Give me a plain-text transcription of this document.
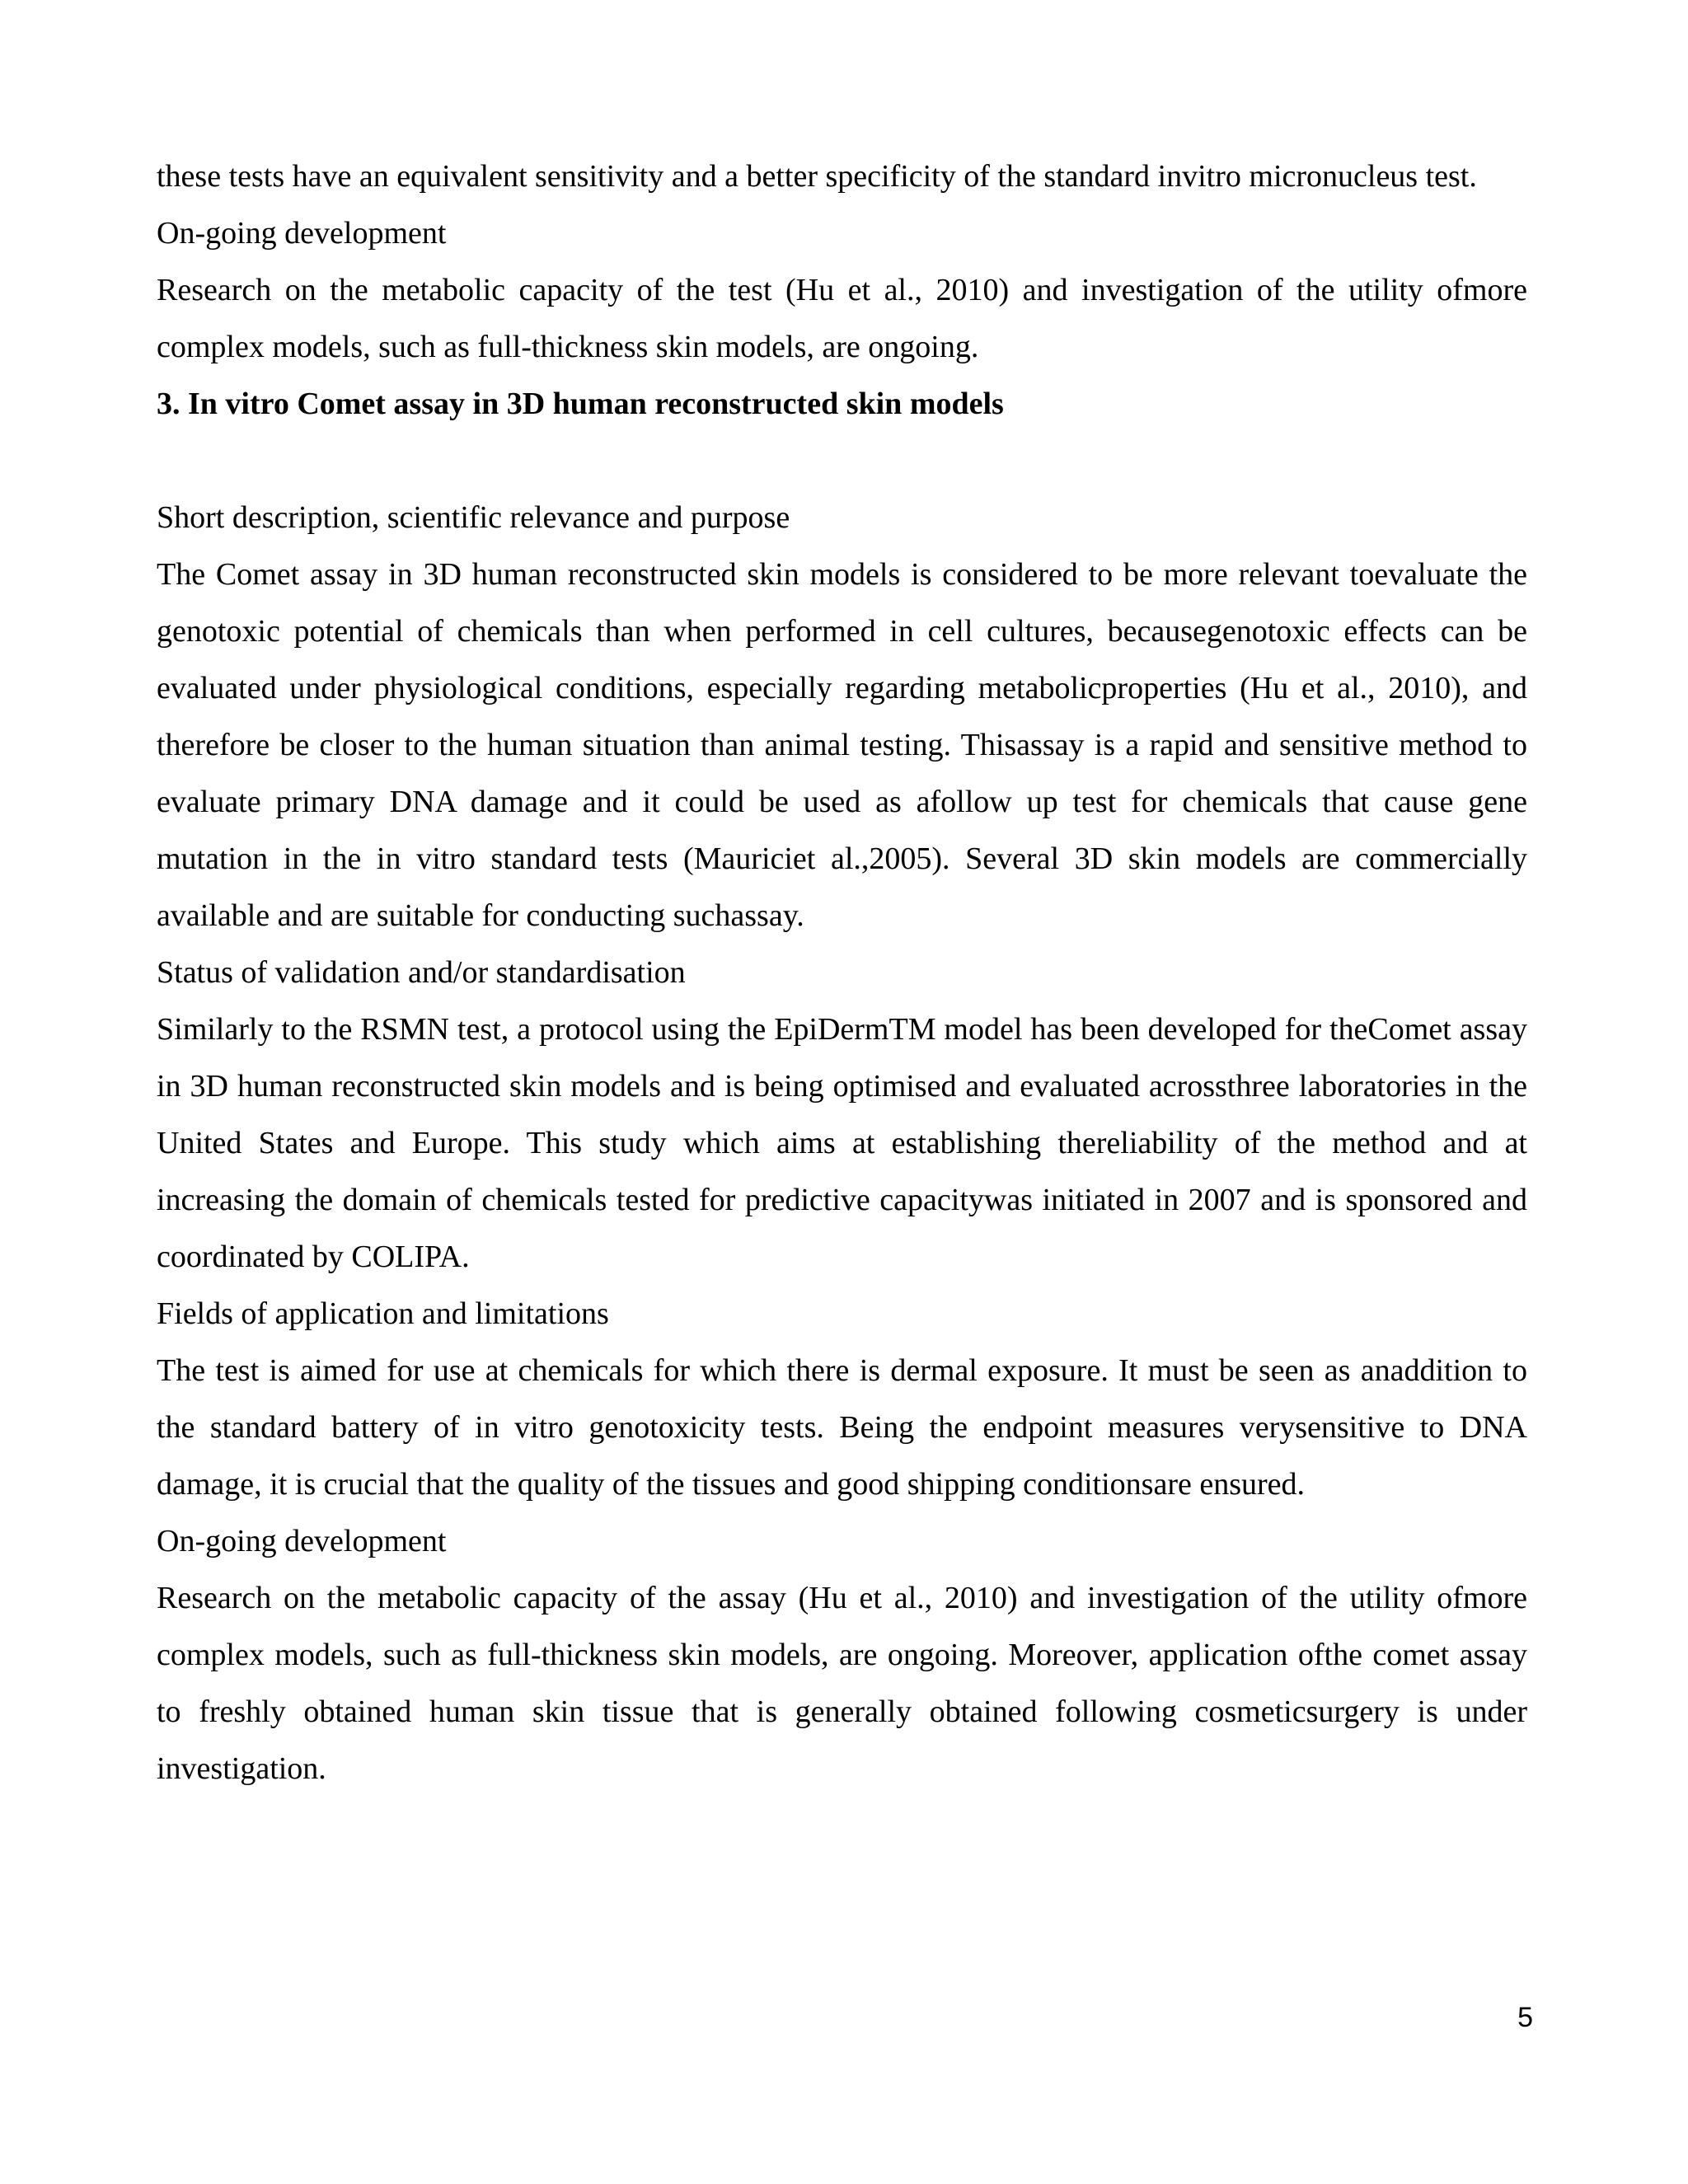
these tests have an equivalent sensitivity and a better specificity of the standard invitro micronucleus test.

On-going development

Research on the metabolic capacity of the test (Hu et al., 2010) and investigation of the utility ofmore complex models, such as full-thickness skin models, are ongoing.

3. In vitro Comet assay in 3D human reconstructed skin models

Short description, scientific relevance and purpose

The Comet assay in 3D human reconstructed skin models is considered to be more relevant toevaluate the genotoxic potential of chemicals than when performed in cell cultures, becausegenotoxic effects can be evaluated under physiological conditions, especially regarding metabolicproperties (Hu et al., 2010), and therefore be closer to the human situation than animal testing. Thisassay is a rapid and sensitive method to evaluate primary DNA damage and it could be used as afollow up test for chemicals that cause gene mutation in the in vitro standard tests (Mauriciet al.,2005). Several 3D skin models are commercially available and are suitable for conducting suchassay.

Status of validation and/or standardisation

Similarly to the RSMN test, a protocol using the EpiDermTM model has been developed for theComet assay in 3D human reconstructed skin models and is being optimised and evaluated acrossthree laboratories in the United States and Europe. This study which aims at establishing thereliability of the method and at increasing the domain of chemicals tested for predictive capacitywas initiated in 2007 and is sponsored and coordinated by COLIPA.

Fields of application and limitations

The test is aimed for use at chemicals for which there is dermal exposure. It must be seen as anaddition to the standard battery of in vitro genotoxicity tests. Being the endpoint measures verysensitive to DNA damage, it is crucial that the quality of the tissues and good shipping conditionsare ensured.

On-going development

Research on the metabolic capacity of the assay (Hu et al., 2010) and investigation of the utility ofmore complex models, such as full-thickness skin models, are ongoing. Moreover, application ofthe comet assay to freshly obtained human skin tissue that is generally obtained following cosmeticsurgery is under investigation.

5
